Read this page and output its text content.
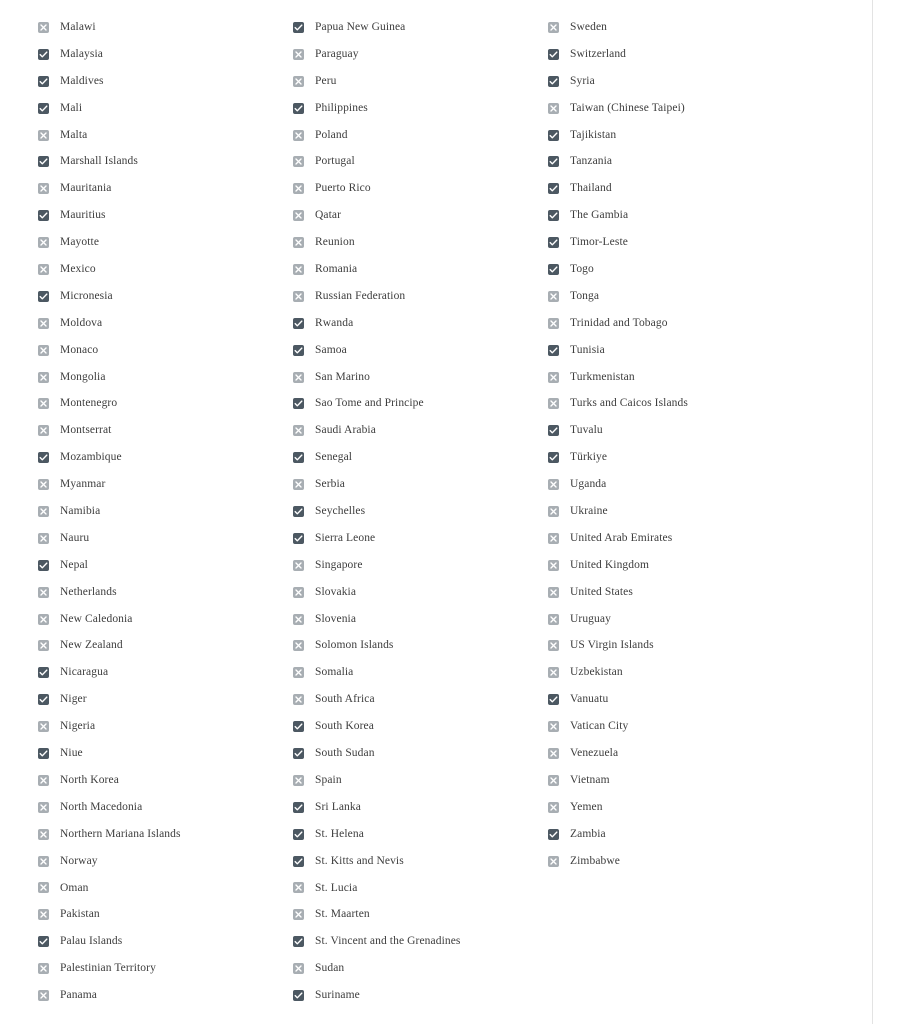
Malawi
Malaysia
Maldives
Mali
Malta
Marshall Islands
Mauritania
Mauritius
Mayotte
Mexico
Micronesia
Moldova
Monaco
Mongolia
Montenegro
Montserrat
Mozambique
Myanmar
Namibia
Nauru
Nepal
Netherlands
New Caledonia
New Zealand
Nicaragua
Niger
Nigeria
Niue
North Korea
North Macedonia
Northern Mariana Islands
Norway
Oman
Pakistan
Palau Islands
Palestinian Territory
Panama
Papua New Guinea
Paraguay
Peru
Philippines
Poland
Portugal
Puerto Rico
Qatar
Reunion
Romania
Russian Federation
Rwanda
Samoa
San Marino
Sao Tome and Principe
Saudi Arabia
Senegal
Serbia
Seychelles
Sierra Leone
Singapore
Slovakia
Slovenia
Solomon Islands
Somalia
South Africa
South Korea
South Sudan
Spain
Sri Lanka
St. Helena
St. Kitts and Nevis
St. Lucia
St. Maarten
St. Vincent and the Grenadines
Sudan
Suriname
Sweden
Switzerland
Syria
Taiwan (Chinese Taipei)
Tajikistan
Tanzania
Thailand
The Gambia
Timor-Leste
Togo
Tonga
Trinidad and Tobago
Tunisia
Turkmenistan
Turks and Caicos Islands
Tuvalu
Türkiye
Uganda
Ukraine
United Arab Emirates
United Kingdom
United States
Uruguay
US Virgin Islands
Uzbekistan
Vanuatu
Vatican City
Venezuela
Vietnam
Yemen
Zambia
Zimbabwe
